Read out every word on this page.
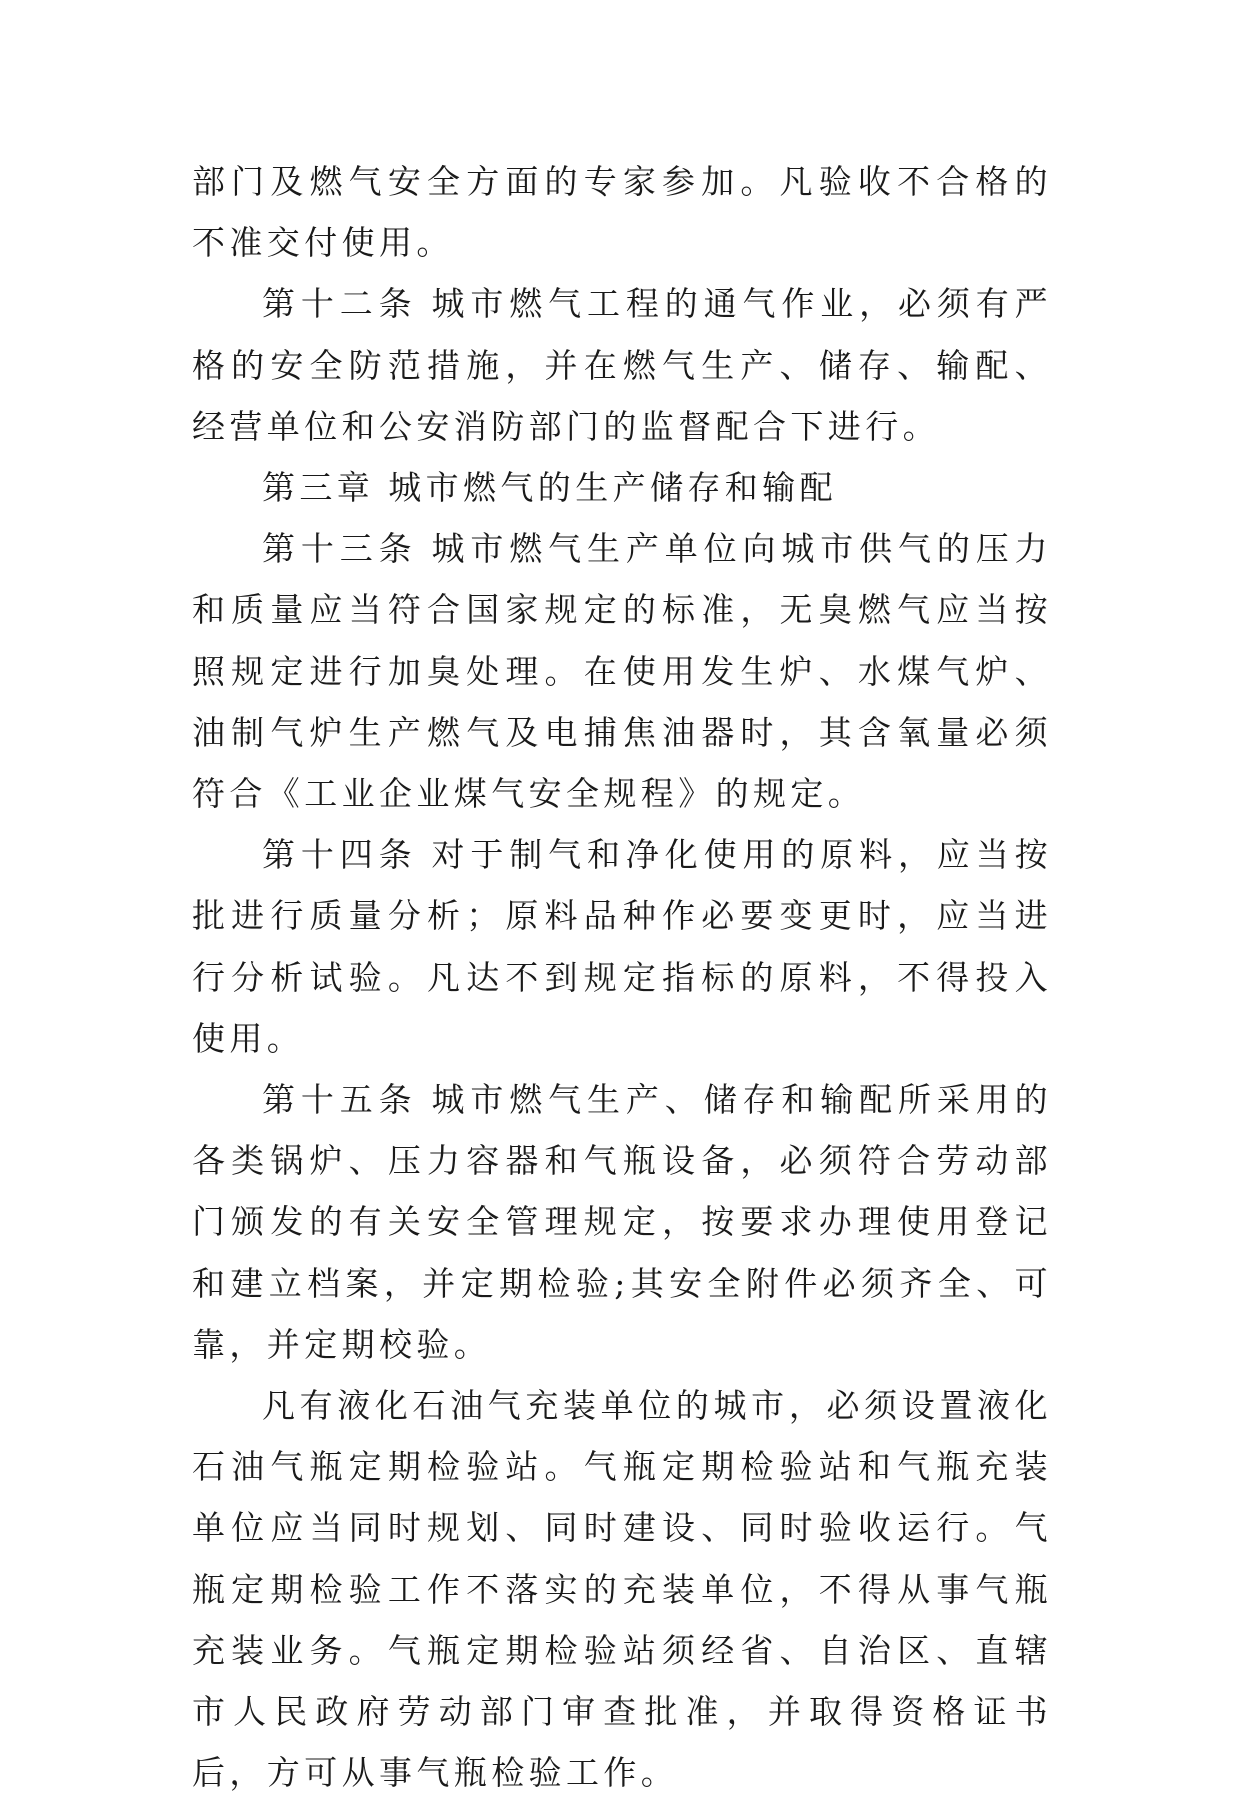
部门及燃气安全方面的专家参加。凡验收不合格的不准交付使用。

第十二条 城市燃气工程的通气作业，必须有严格的安全防范措施，并在燃气生产、储存、输配、经营单位和公安消防部门的监督配合下进行。

第三章 城市燃气的生产储存和输配

第十三条 城市燃气生产单位向城市供气的压力和质量应当符合国家规定的标准，无臭燃气应当按照规定进行加臭处理。在使用发生炉、水煤气炉、油制气炉生产燃气及电捕焦油器时，其含氧量必须符合《工业企业煤气安全规程》的规定。

第十四条 对于制气和净化使用的原料，应当按批进行质量分析；原料品种作必要变更时，应当进行分析试验。凡达不到规定指标的原料，不得投入使用。

第十五条 城市燃气生产、储存和输配所采用的各类锅炉、压力容器和气瓶设备，必须符合劳动部门颁发的有关安全管理规定，按要求办理使用登记和建立档案，并定期检验;其安全附件必须齐全、可靠，并定期校验。

凡有液化石油气充装单位的城市，必须设置液化石油气瓶定期检验站。气瓶定期检验站和气瓶充装单位应当同时规划、同时建设、同时验收运行。气瓶定期检验工作不落实的充装单位，不得从事气瓶充装业务。气瓶定期检验站须经省、自治区、直辖市人民政府劳动部门审查批准，并取得资格证书后，方可从事气瓶检验工作。
